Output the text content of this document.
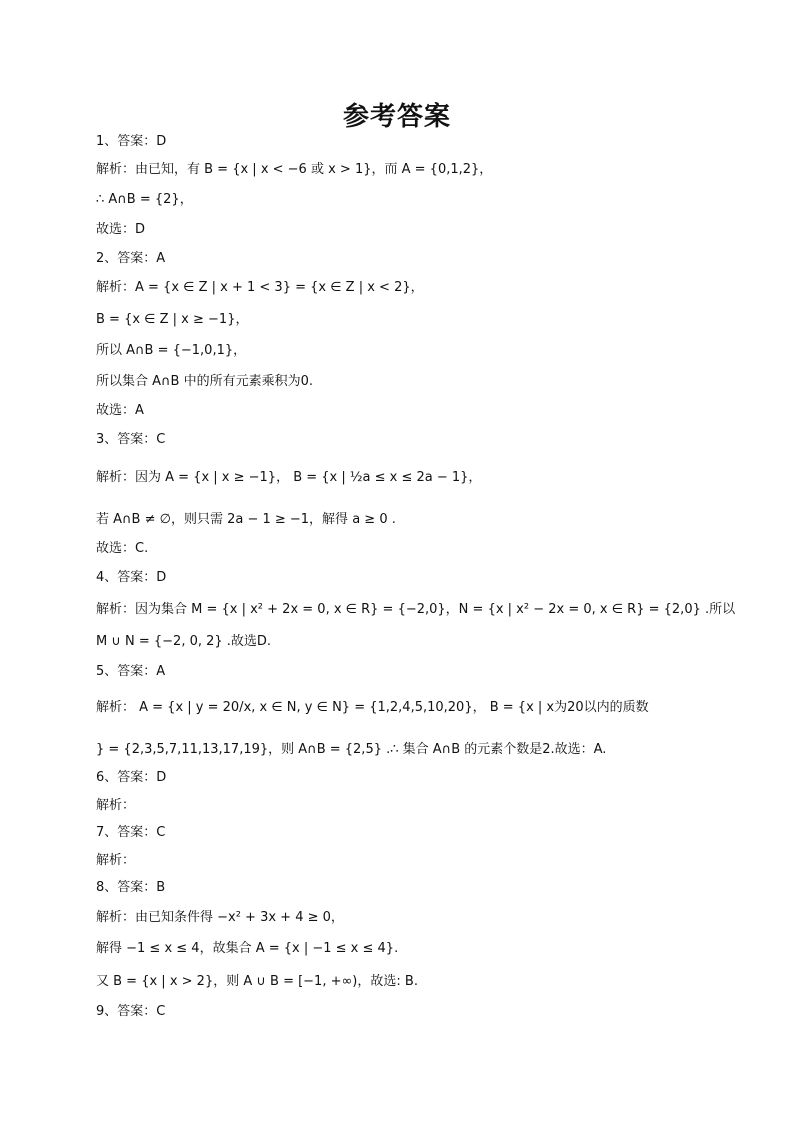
参考答案
1、答案：D
解析：由已知，有 B = {x | x < −6 或 x > 1}，而 A = {0,1,2}，
∴ A∩B = {2}，
故选：D
2、答案：A
解析：A = {x ∈ Z | x + 1 < 3} = {x ∈ Z | x < 2}，
B = {x ∈ Z | x ≥ −1}，
所以 A∩B = {−1,0,1}，
所以集合 A∩B 中的所有元素乘积为0.
故选：A
3、答案：C
解析：因为 A = {x | x ≥ −1}， B = {x | ½a ≤ x ≤ 2a − 1}，
若 A∩B ≠ ∅，则只需 2a − 1 ≥ −1，解得 a ≥ 0 .
故选：C.
4、答案：D
解析：因为集合 M = {x | x² + 2x = 0, x ∈ R} = {−2,0}，N = {x | x² − 2x = 0, x ∈ R} = {2,0} .所以
M ∪ N = {−2, 0, 2} .故选D.
5、答案：A
解析： A = {x | y = 20/x, x ∈ N, y ∈ N} = {1,2,4,5,10,20}， B = {x | x为20以内的质数
} = {2,3,5,7,11,13,17,19}，则 A∩B = {2,5} .∴ 集合 A∩B 的元素个数是2.故选：A.
6、答案：D
解析：
7、答案：C
解析：
8、答案：B
解析：由已知条件得 −x² + 3x + 4 ≥ 0，
解得 −1 ≤ x ≤ 4，故集合 A = {x | −1 ≤ x ≤ 4}.
又 B = {x | x > 2}，则 A ∪ B = [−1, +∞)，故选: B.
9、答案：C
